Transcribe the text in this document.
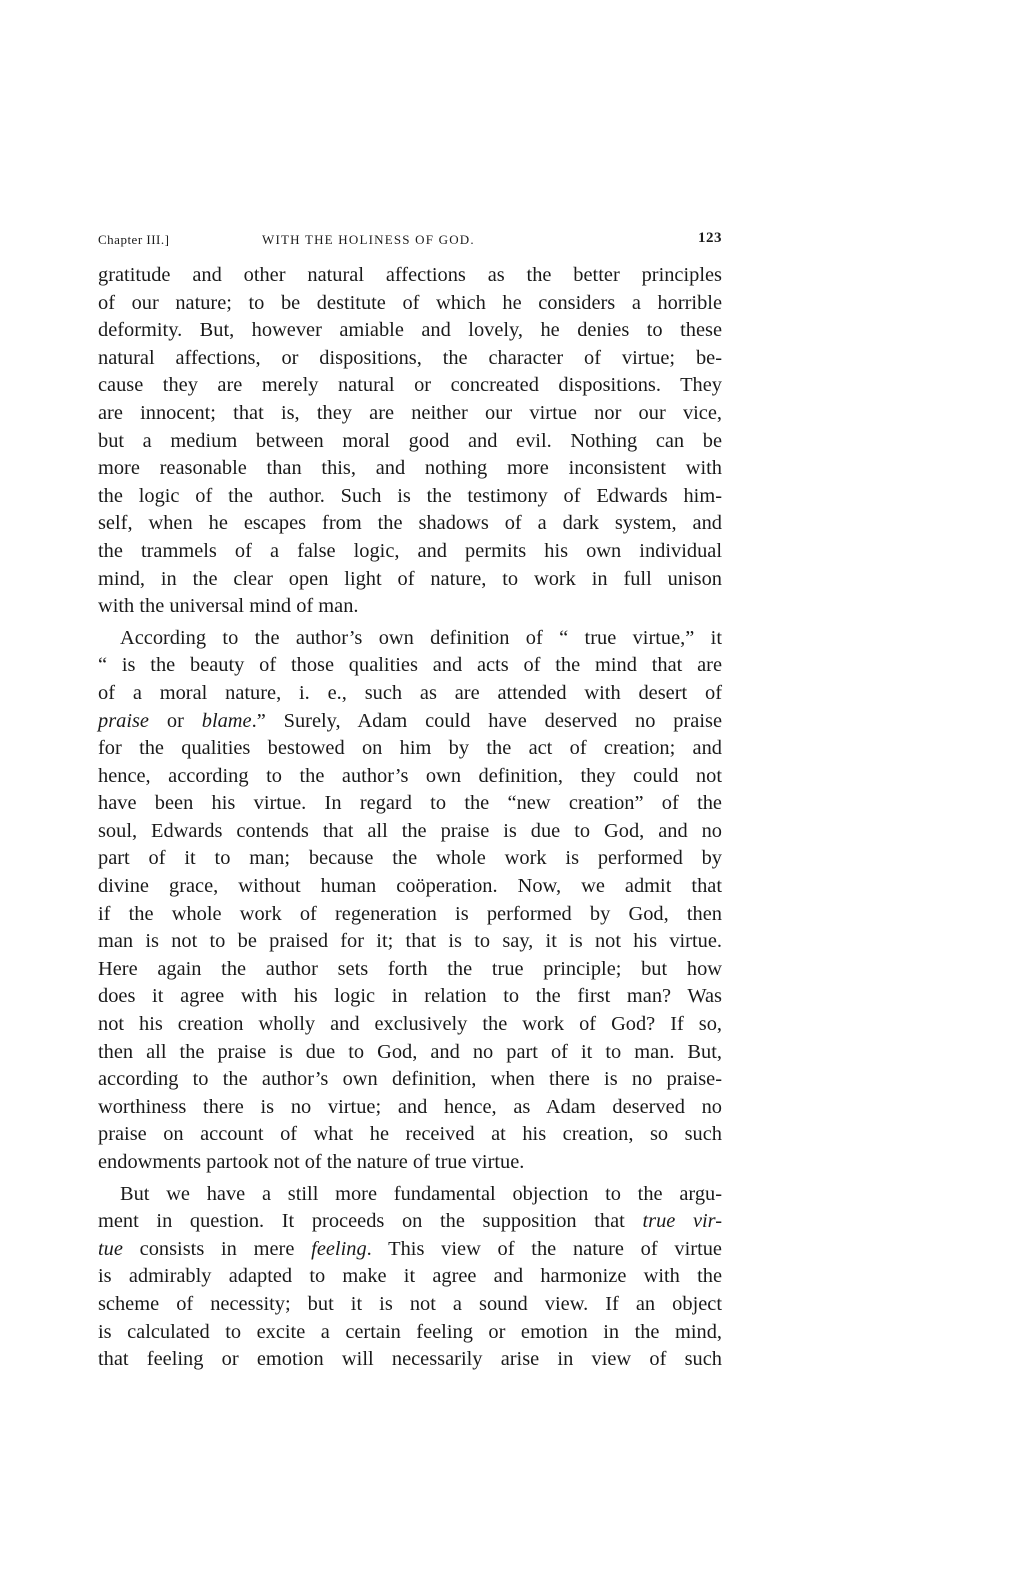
Chapter III.]	WITH THE HOLINESS OF GOD.	123
gratitude and other natural affections as the better principles
of our nature; to be destitute of which he considers a horrible
deformity. But, however amiable and lovely, he denies to these
natural affections, or dispositions, the character of virtue; be-
cause they are merely natural or concreated dispositions. They
are innocent; that is, they are neither our virtue nor our vice,
but a medium between moral good and evil. Nothing can be
more reasonable than this, and nothing more inconsistent with
the logic of the author. Such is the testimony of Edwards him-
self, when he escapes from the shadows of a dark system, and
the trammels of a false logic, and permits his own individual
mind, in the clear open light of nature, to work in full unison
with the universal mind of man.
According to the author’s own definition of “ true virtue,” it
“ is the beauty of those qualities and acts of the mind that are
of a moral nature, i. e., such as are attended with desert of
praise or blame.” Surely, Adam could have deserved no praise
for the qualities bestowed on him by the act of creation; and
hence, according to the author’s own definition, they could not
have been his virtue. In regard to the “new creation” of the
soul, Edwards contends that all the praise is due to God, and no
part of it to man; because the whole work is performed by
divine grace, without human coöperation. Now, we admit that
if the whole work of regeneration is performed by God, then
man is not to be praised for it; that is to say, it is not his virtue.
Here again the author sets forth the true principle; but how
does it agree with his logic in relation to the first man? Was
not his creation wholly and exclusively the work of God? If so,
then all the praise is due to God, and no part of it to man. But,
according to the author’s own definition, when there is no praise-
worthiness there is no virtue; and hence, as Adam deserved no
praise on account of what he received at his creation, so such
endowments partook not of the nature of true virtue.
But we have a still more fundamental objection to the argu-
ment in question. It proceeds on the supposition that true vir-
tue consists in mere feeling. This view of the nature of virtue
is admirably adapted to make it agree and harmonize with the
scheme of necessity; but it is not a sound view. If an object
is calculated to excite a certain feeling or emotion in the mind,
that feeling or emotion will necessarily arise in view of such
